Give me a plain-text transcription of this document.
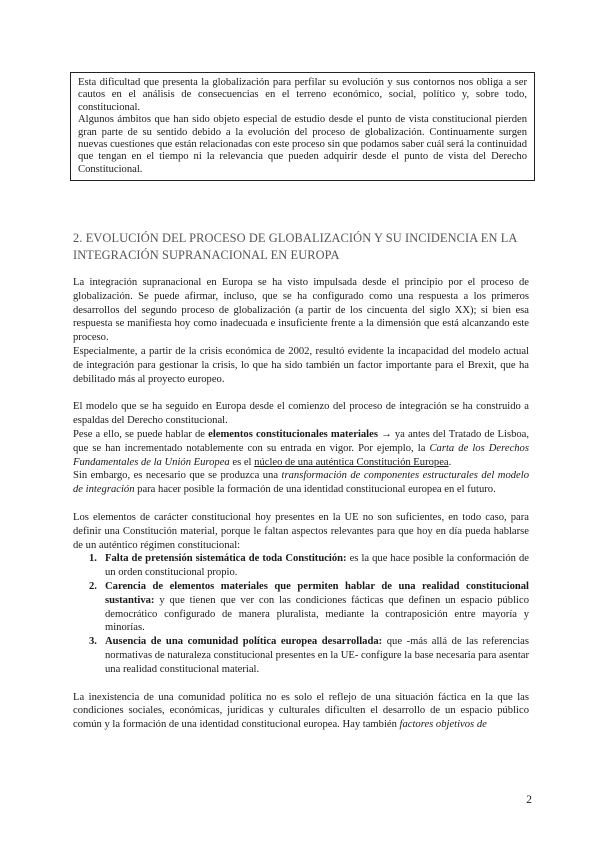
Esta dificultad que presenta la globalización para perfilar su evolución y sus contornos nos obliga a ser cautos en el análisis de consecuencias en el terreno económico, social, político y, sobre todo, constitucional.

Algunos ámbitos que han sido objeto especial de estudio desde el punto de vista constitucional pierden gran parte de su sentido debido a la evolución del proceso de globalización. Continuamente surgen nuevas cuestiones que están relacionadas con este proceso sin que podamos saber cuál será la continuidad que tengan en el tiempo ni la relevancia que pueden adquirir desde el punto de vista del Derecho Constitucional.

2. EVOLUCIÓN DEL PROCESO DE GLOBALIZACIÓN Y SU INCIDENCIA EN LA INTEGRACIÓN SUPRANACIONAL EN EUROPA

La integración supranacional en Europa se ha visto impulsada desde el principio por el proceso de globalización. Se puede afirmar, incluso, que se ha configurado como una respuesta a los primeros desarrollos del segundo proceso de globalización (a partir de los cincuenta del siglo XX); si bien esa respuesta se manifiesta hoy como inadecuada e insuficiente frente a la dimensión que está alcanzando este proceso.

Especialmente, a partir de la crisis económica de 2002, resultó evidente la incapacidad del modelo actual de integración para gestionar la crisis, lo que ha sido también un factor importante para el Brexit, que ha debilitado más al proyecto europeo.

El modelo que se ha seguido en Europa desde el comienzo del proceso de integración se ha construido a espaldas del Derecho constitucional.

Pese a ello, se puede hablar de elementos constitucionales materiales → ya antes del Tratado de Lisboa, que se han incrementado notablemente con su entrada en vigor. Por ejemplo, la Carta de los Derechos Fundamentales de la Unión Europea es el núcleo de una auténtica Constitución Europea.

Sin embargo, es necesario que se produzca una transformación de componentes estructurales del modelo de integración para hacer posible la formación de una identidad constitucional europea en el futuro.

Los elementos de carácter constitucional hoy presentes en la UE no son suficientes, en todo caso, para definir una Constitución material, porque le faltan aspectos relevantes para que hoy en día pueda hablarse de un auténtico régimen constitucional:

1. Falta de pretensión sistemática de toda Constitución: es la que hace posible la conformación de un orden constitucional propio.
2. Carencia de elementos materiales que permiten hablar de una realidad constitucional sustantiva: y que tienen que ver con las condiciones fácticas que definen un espacio público democrático configurado de manera pluralista, mediante la contraposición entre mayoría y minorías.
3. Ausencia de una comunidad política europea desarrollada: que -más allá de las referencias normativas de naturaleza constitucional presentes en la UE- configure la base necesaria para asentar una realidad constitucional material.

La inexistencia de una comunidad política no es solo el reflejo de una situación fáctica en la que las condiciones sociales, económicas, jurídicas y culturales dificulten el desarrollo de un espacio público común y la formación de una identidad constitucional europea. Hay también factores objetivos de

2
